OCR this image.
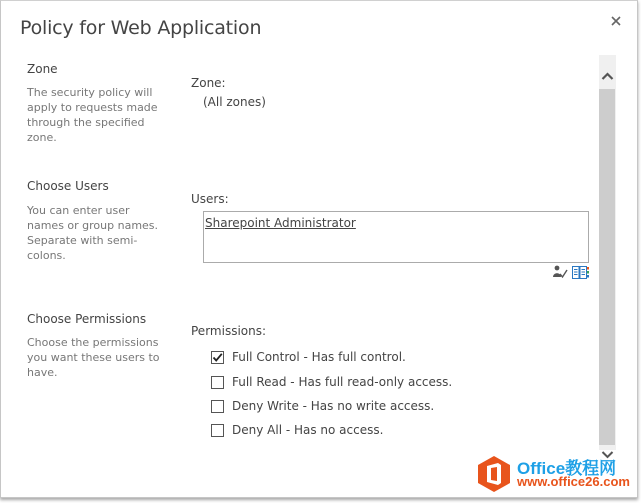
Policy for Web Application
Zone
The security policy will apply to requests made through the specified zone.
Zone:
(All zones)
Choose Users
You can enter user names or group names. Separate with semi-colons.
Users:
Sharepoint Administrator
Choose Permissions
Choose the permissions you want these users to have.
Permissions:
Full Control - Has full control.
Full Read - Has full read-only access.
Deny Write - Has no write access.
Deny All - Has no access.
Office教程网
www.office26.com
